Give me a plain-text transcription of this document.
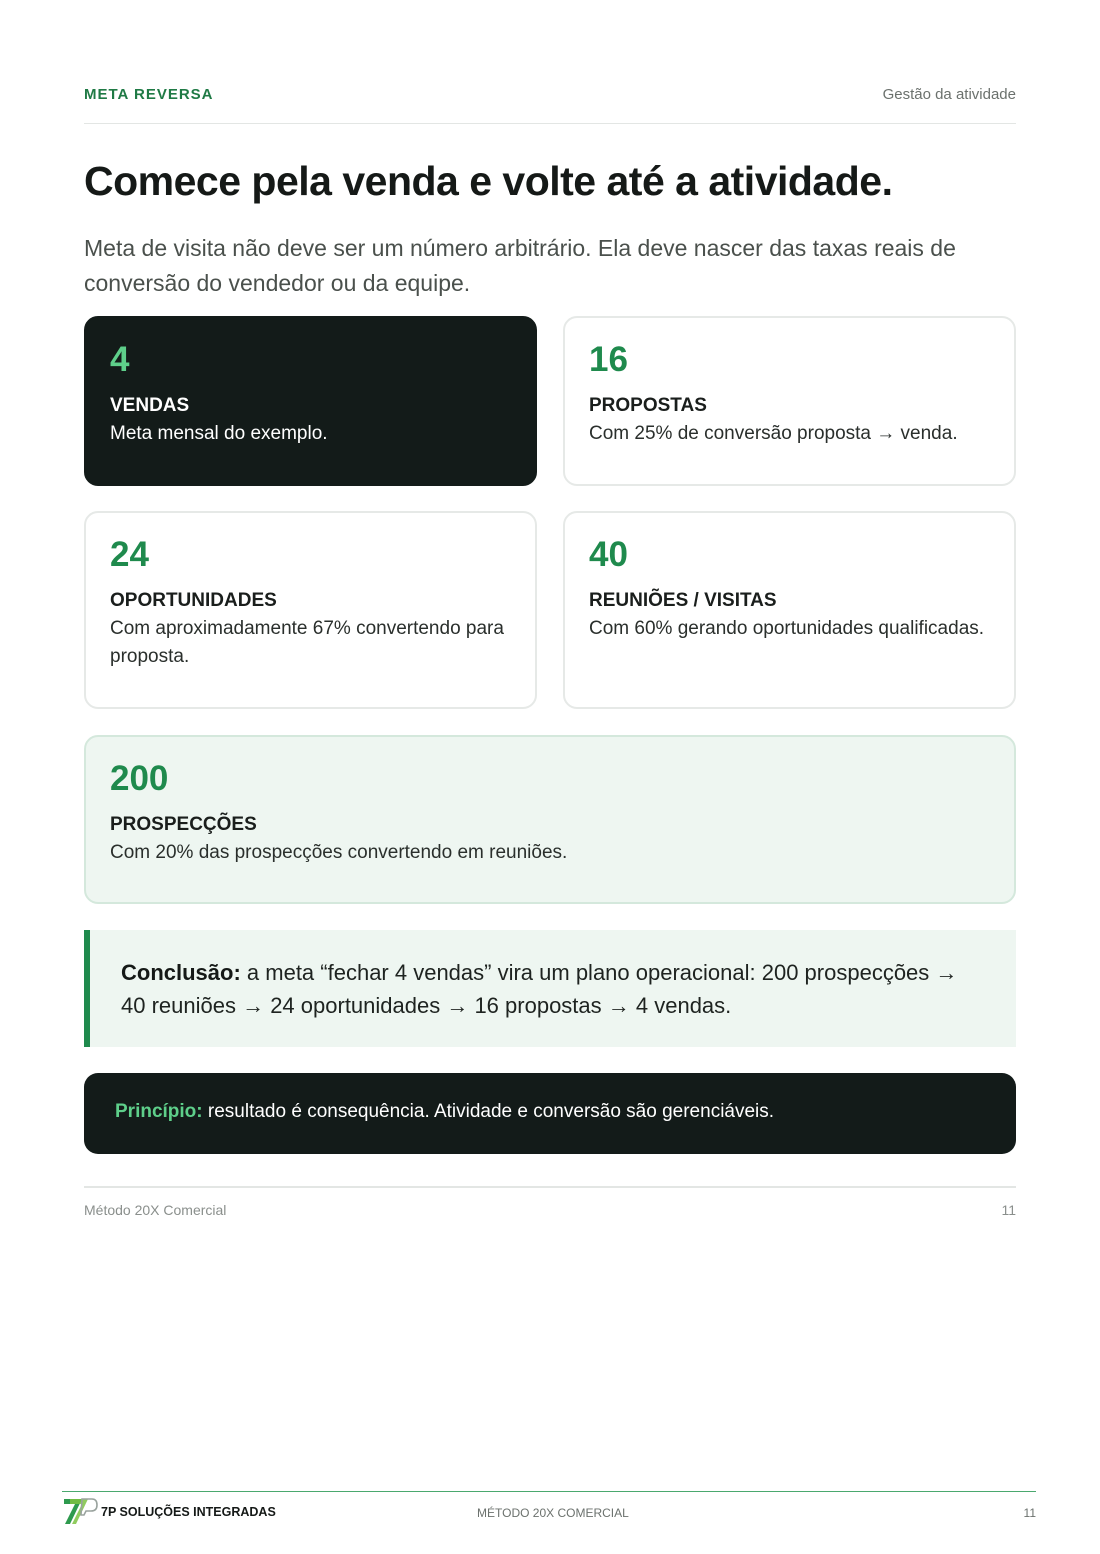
META REVERSA	Gestão da atividade
Comece pela venda e volte até a atividade.

Meta de visita não deve ser um número arbitrário. Ela deve nascer das taxas reais de conversão do vendedor ou da equipe.

4
VENDAS
Meta mensal do exemplo.
16
PROPOSTAS
Com 25% de conversão proposta → venda.
24
OPORTUNIDADES
Com aproximadamente 67% convertendo para proposta.
40
REUNIÕES / VISITAS
Com 60% gerando oportunidades qualificadas.
200
PROSPECÇÕES
Com 20% das prospecções convertendo em reuniões.
Conclusão: a meta “fechar 4 vendas” vira um plano operacional: 200 prospecções → 40 reuniões → 24 oportunidades → 16 propostas → 4 vendas.
Princípio: resultado é consequência. Atividade e conversão são gerenciáveis.
Método 20X Comercial	11
7P SOLUÇÕES INTEGRADAS	MÉTODO 20X COMERCIAL	11
